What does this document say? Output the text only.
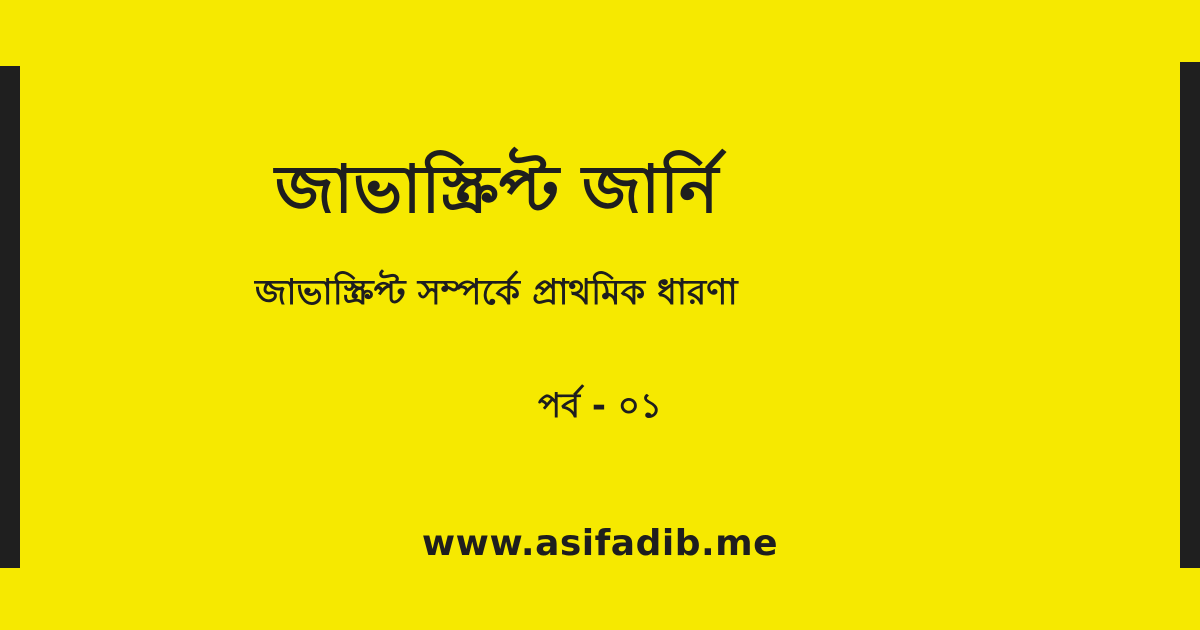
জাভাস্ক্রিপ্ট জার্নি
জাভাস্ক্রিপ্ট সম্পর্কে প্রাথমিক ধারণা
পর্ব - ০১
www.asifadib.me
